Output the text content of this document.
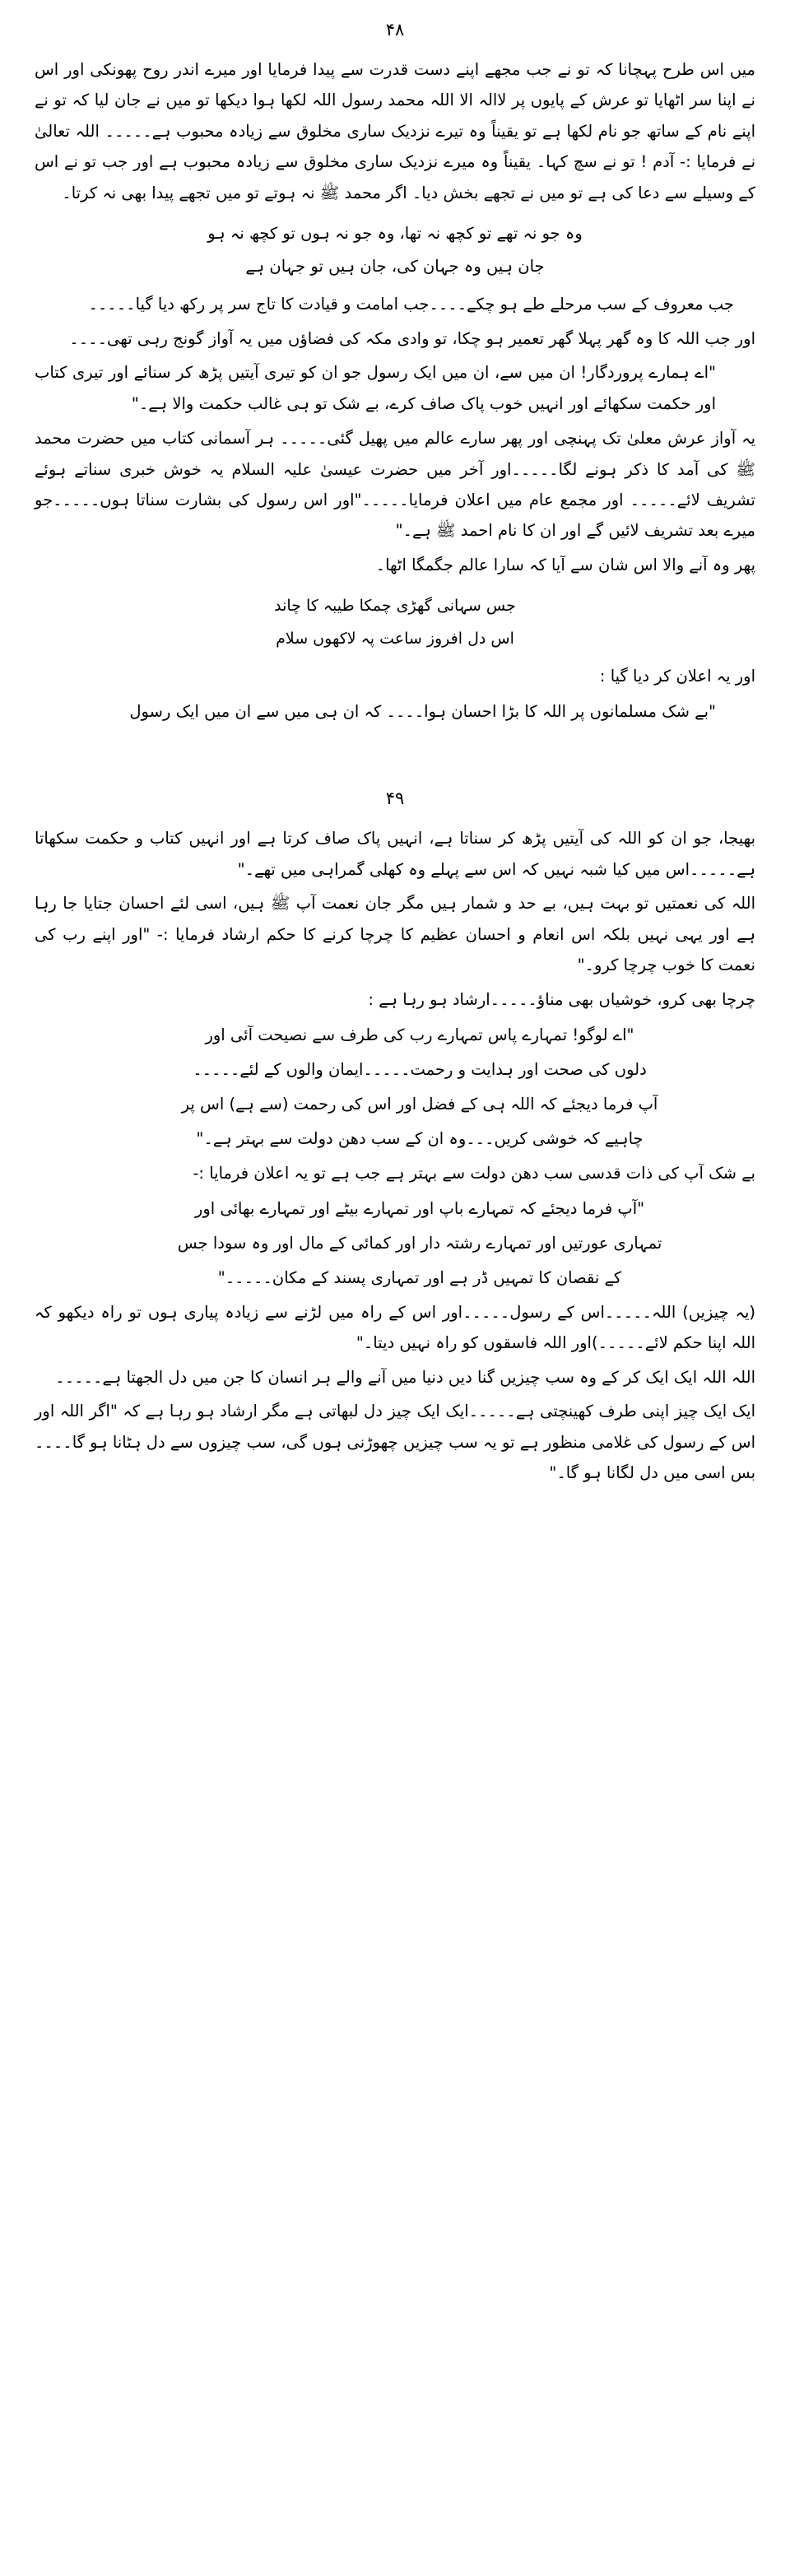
۴۸

میں اس طرح پہچانا کہ تو نے جب مجھے اپنے دست قدرت سے پیدا فرمایا اور میرے اندر روح پھونکی اور اس نے اپنا سر اٹھایا تو عرش کے پایوں پر لاالہ الا اللہ محمد رسول اللہ لکھا ہوا دیکھا تو میں نے جان لیا کہ تو نے اپنے نام کے ساتھ جو نام لکھا ہے تو یقیناً وہ تیرے نزدیک ساری مخلوق سے زیادہ محبوب ہے۔۔۔۔۔ اللہ تعالیٰ نے فرمایا :- آدم ! تو نے سچ کہا۔ یقیناً وہ میرے نزدیک ساری مخلوق سے زیادہ محبوب ہے اور جب تو نے اس کے وسیلے سے دعا کی ہے تو میں نے تجھے بخش دیا۔ اگر محمد ﷺ نہ ہوتے تو میں تجھے پیدا بھی نہ کرتا۔

وہ جو نہ تھے تو کچھ نہ تھا، وہ جو نہ ہوں تو کچھ نہ ہو
جان ہیں وہ جہان کی، جان ہیں تو جہان ہے

جب معروف کے سب مرحلے طے ہو چکے۔۔۔۔جب امامت و قیادت کا تاج سر پر رکھ دیا گیا۔۔۔۔۔

اور جب اللہ کا وہ گھر پہلا گھر تعمیر ہو چکا، تو وادی مکہ کی فضاؤں میں یہ آواز گونج رہی تھی۔۔۔۔

"اے ہمارے پروردگار! ان میں سے، ان میں ایک رسول جو ان کو تیری آیتیں پڑھ کر سنائے اور تیری کتاب اور حکمت سکھائے اور انہیں خوب پاک صاف کرے، بے شک تو ہی غالب حکمت والا ہے۔"

یہ آواز عرش معلیٰ تک پہنچی اور پھر سارے عالم میں پھیل گئی۔۔۔۔۔ ہر آسمانی کتاب میں حضرت محمد ﷺ کی آمد کا ذکر ہونے لگا۔۔۔۔۔اور آخر میں حضرت عیسیٰ علیہ السلام یہ خوش خبری سناتے ہوئے تشریف لائے۔۔۔۔۔ اور مجمع عام میں اعلان فرمایا۔۔۔۔۔"اور اس رسول کی بشارت سناتا ہوں۔۔۔۔۔جو میرے بعد تشریف لائیں گے اور ان کا نام احمد ﷺ ہے۔"

پھر وہ آنے والا اس شان سے آیا کہ سارا عالم جگمگا اٹھا۔

جس سہانی گھڑی چمکا طیبہ کا چاند
اس دل افروز ساعت پہ لاکھوں سلام
اور یہ اعلان کر دیا گیا :
"بے شک مسلمانوں پر اللہ کا بڑا احسان ہوا۔۔۔۔ کہ ان ہی میں سے ان میں ایک رسول
۴۹

بھیجا، جو ان کو اللہ کی آیتیں پڑھ کر سناتا ہے، انہیں پاک صاف کرتا ہے اور انہیں کتاب و حکمت سکھاتا ہے۔۔۔۔۔اس میں کیا شبہ نہیں کہ اس سے پہلے وہ کھلی گمراہی میں تھے۔"

اللہ کی نعمتیں تو بہت ہیں، بے حد و شمار ہیں مگر جان نعمت آپ ﷺ ہیں، اسی لئے احسان جتایا جا رہا ہے اور یہی نہیں بلکہ اس انعام و احسان عظیم کا چرچا کرنے کا حکم ارشاد فرمایا :- "اور اپنے رب کی نعمت کا خوب چرچا کرو۔"

چرچا بھی کرو، خوشیاں بھی مناؤ۔۔۔۔۔ارشاد ہو رہا ہے :
"اے لوگو! تمہارے پاس تمہارے رب کی طرف سے نصیحت آئی اور
دلوں کی صحت اور ہدایت و رحمت۔۔۔۔۔ایمان والوں کے لئے۔۔۔۔۔
آپ فرما دیجئے کہ اللہ ہی کے فضل اور اس کی رحمت (سے ہے) اس پر
چاہیے کہ خوشی کریں۔۔۔وہ ان کے سب دھن دولت سے بہتر ہے۔"
بے شک آپ کی ذات قدسی سب دھن دولت سے بہتر ہے جب ہے تو یہ اعلان فرمایا :-
"آپ فرما دیجئے کہ تمہارے باپ اور تمہارے بیٹے اور تمہارے بھائی اور
تمہاری عورتیں اور تمہارے رشتہ دار اور کمائی کے مال اور وہ سودا جس
کے نقصان کا تمہیں ڈر ہے اور تمہاری پسند کے مکان۔۔۔۔۔"

(یہ چیزیں) اللہ۔۔۔۔۔اس کے رسول۔۔۔۔۔اور اس کے راہ میں لڑنے سے زیادہ پیاری ہوں تو راہ دیکھو کہ اللہ اپنا حکم لائے۔۔۔۔۔)اور اللہ فاسقوں کو راہ نہیں دیتا۔"

اللہ اللہ ایک ایک کر کے وہ سب چیزیں گنا دیں دنیا میں آنے والے ہر انسان کا جن میں دل الجھتا ہے۔۔۔۔۔

ایک ایک چیز اپنی طرف کھینچتی ہے۔۔۔۔۔ایک ایک چیز دل لبھاتی ہے مگر ارشاد ہو رہا ہے کہ "اگر اللہ اور اس کے رسول کی غلامی منظور ہے تو یہ سب چیزیں چھوڑنی ہوں گی، سب چیزوں سے دل ہٹانا ہو گا۔۔۔۔بس اسی میں دل لگانا ہو گا۔"
